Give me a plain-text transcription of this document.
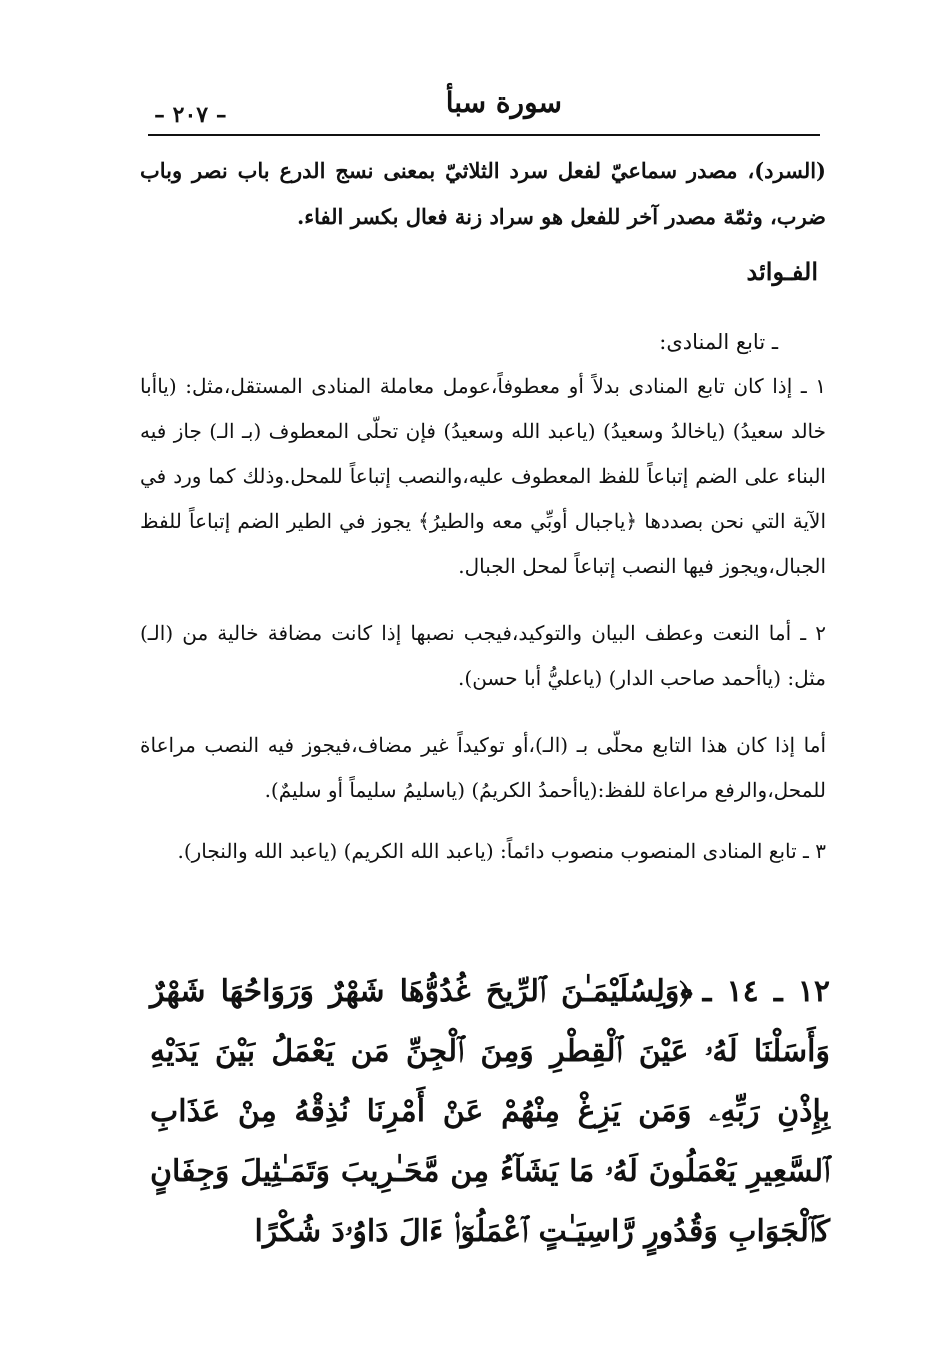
سورة سبأ
– ٢٠٧ –

(السرد)، مصدر سماعيّ لفعل سرد الثلاثيّ بمعنى نسج الدرع باب نصر وباب ضرب، وثمّة مصدر آخر للفعل هو سراد زنة فعال بكسر الفاء.

الفـوائد

ـ تابع المنادى:

١ ـ إذا كان تابع المنادى بدلاً أو معطوفاً،عومل معاملة المنادى المستقل،مثل: (ياأبا خالد سعيدُ) (ياخالدُ وسعيدُ) (ياعبد الله وسعيدُ) فإن تحلّى المعطوف (بـ الـ) جاز فيه البناء على الضم إتباعاً للفظ المعطوف عليه،والنصب إتباعاً للمحل.وذلك كما ورد في الآية التي نحن بصددها ﴿ياجبال أوبِّي معه والطيرُ﴾ يجوز في الطير الضم إتباعاً للفظ الجبال،ويجوز فيها النصب إتباعاً لمحل الجبال.

٢ ـ أما النعت وعطف البيان والتوكيد،فيجب نصبها إذا كانت مضافة خالية من (الـ) مثل: (ياأحمد صاحب الدار) (ياعليُّ أبا حسن).

أما إذا كان هذا التابع محلّى بـ (الـ)،أو توكيداً غير مضاف،فيجوز فيه النصب مراعاة للمحل،والرفع مراعاة للفظ:(ياأحمدُ الكريمُ) (ياسليمُ سليماً أو سليمٌ).

٣ ـ تابع المنادى المنصوب منصوب دائماً: (ياعبد الله الكريم) (ياعبد الله والنجار).

١٢ ـ ١٤ ـ﴿وَلِسُلَيْمَـٰنَ ٱلرِّيحَ غُدُوُّهَا شَهْرٌ وَرَوَاحُهَا شَهْرٌ وَأَسَلْنَا لَهُۥ عَيْنَ ٱلْقِطْرِ وَمِنَ ٱلْجِنِّ مَن يَعْمَلُ بَيْنَ يَدَيْهِ بِإِذْنِ رَبِّهِۦ وَمَن يَزِغْ مِنْهُمْ عَنْ أَمْرِنَا نُذِقْهُ مِنْ عَذَابِ ٱلسَّعِيرِ يَعْمَلُونَ لَهُۥ مَا يَشَآءُ مِن مَّحَـٰرِيبَ وَتَمَـٰثِيلَ وَجِفَانٍ كَٱلْجَوَابِ وَقُدُورٍ رَّاسِيَـٰتٍ ٱعْمَلُوٓا۟ ءَالَ دَاوُۥدَ شُكْرًا
